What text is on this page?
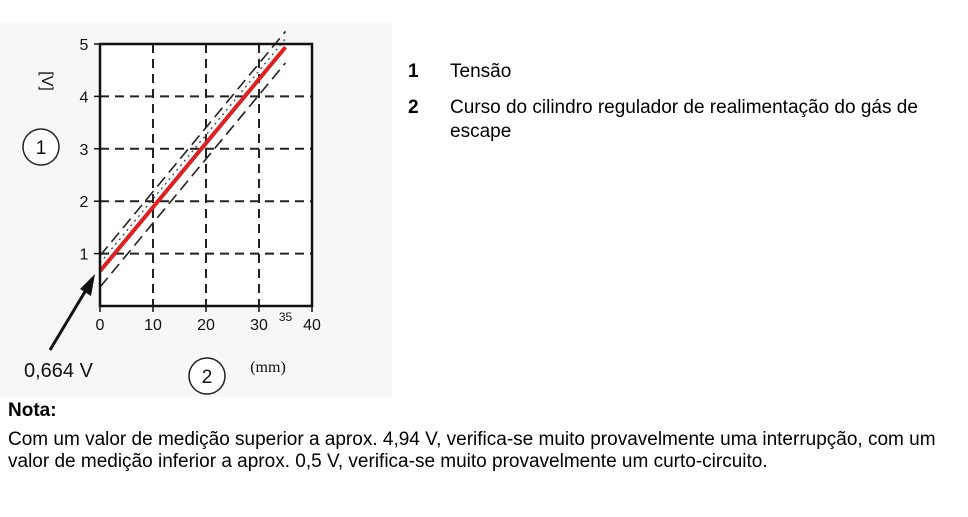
1
2
3
4
5
0 10 20 30 40
35
[V]
(mm)
1
2
0,664 V
1	Tensão
2	Curso do cilindro regulador de realimentação do gás de escape
Nota:
Com um valor de medição superior a aprox. 4,94 V, verifica-se muito provavelmente uma interrupção, com um valor de medição inferior a aprox. 0,5 V, verifica-se muito provavelmente um curto-circuito.
